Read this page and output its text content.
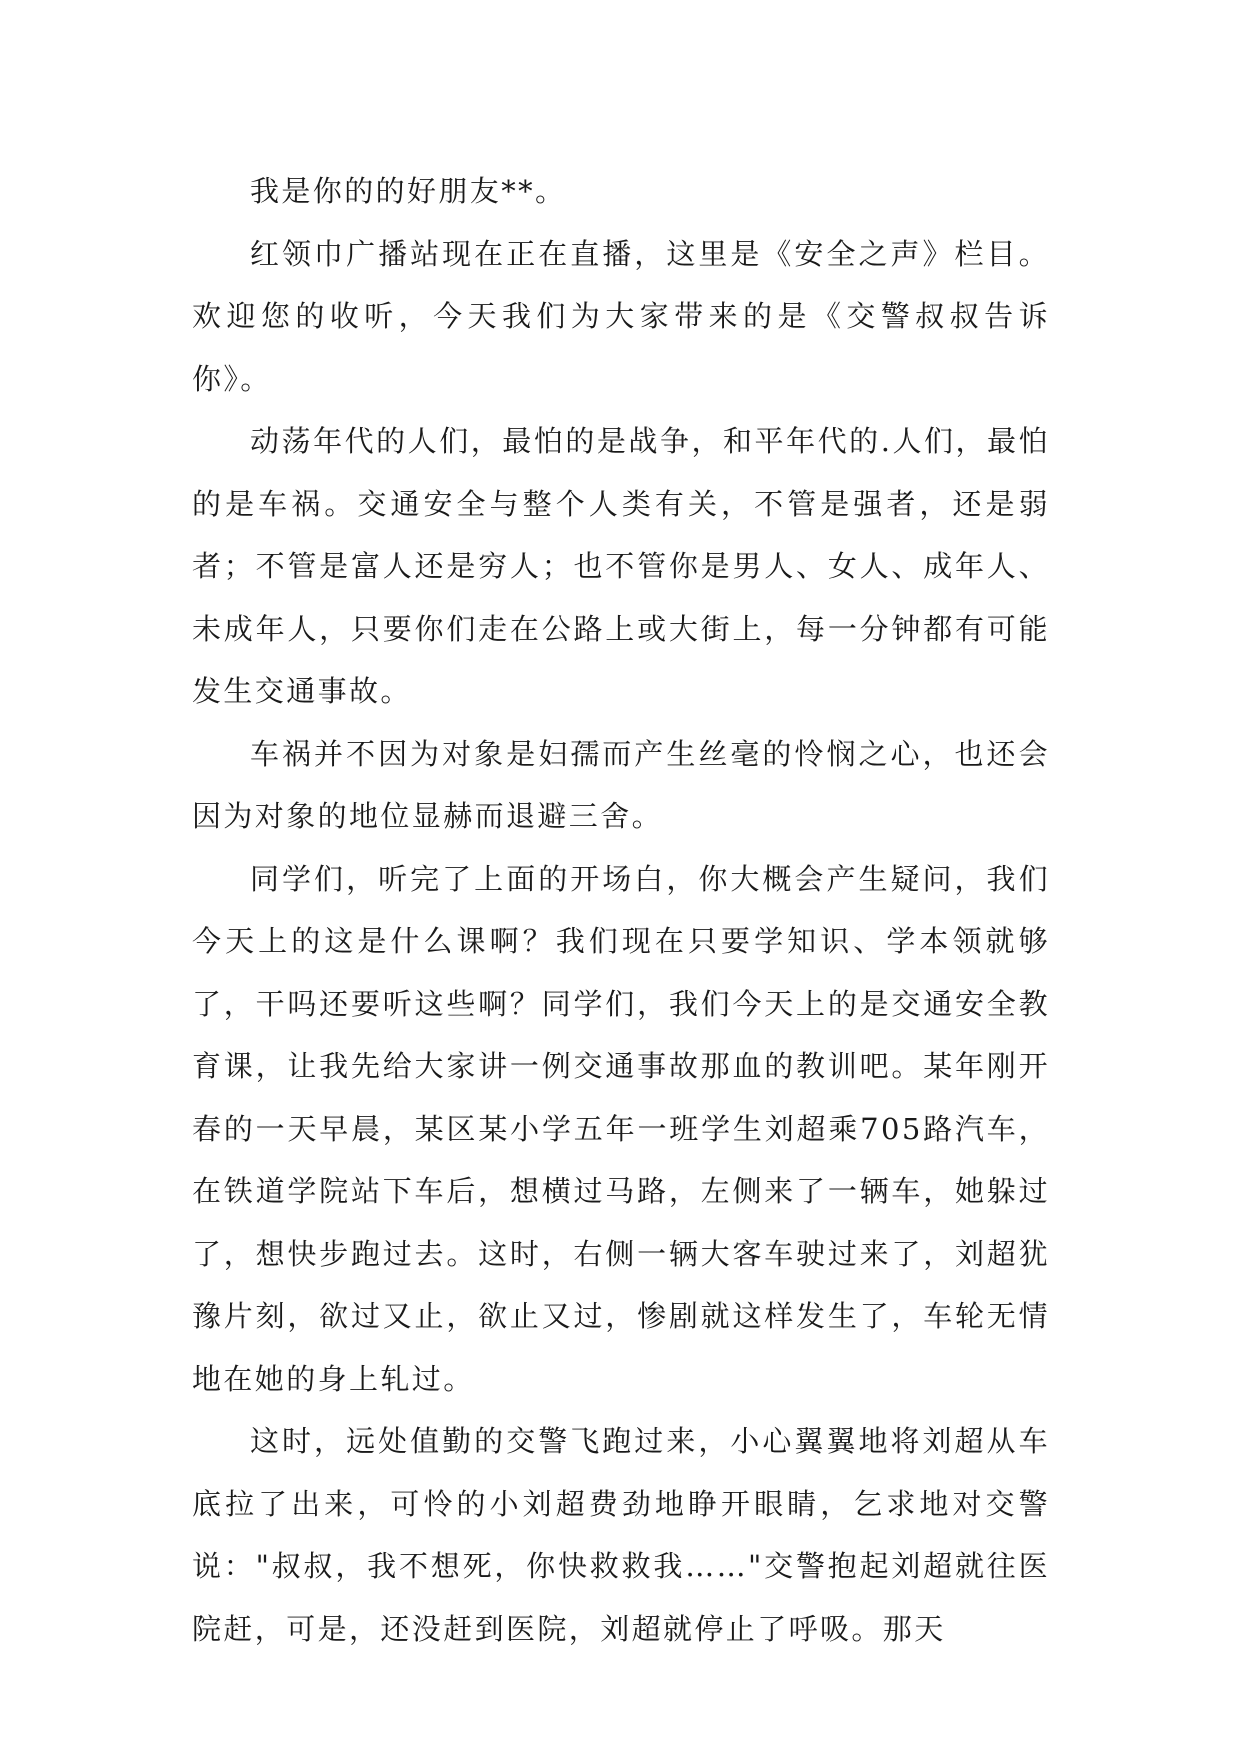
我是你的的好朋友**。

红领巾广播站现在正在直播，这里是《安全之声》栏目。欢迎您的收听，今天我们为大家带来的是《交警叔叔告诉你》。

动荡年代的人们，最怕的是战争，和平年代的.人们，最怕的是车祸。交通安全与整个人类有关，不管是强者，还是弱者；不管是富人还是穷人；也不管你是男人、女人、成年人、未成年人，只要你们走在公路上或大街上，每一分钟都有可能发生交通事故。

车祸并不因为对象是妇孺而产生丝毫的怜悯之心，也还会因为对象的地位显赫而退避三舍。

同学们，听完了上面的开场白，你大概会产生疑问，我们今天上的这是什么课啊？我们现在只要学知识、学本领就够了，干吗还要听这些啊？同学们，我们今天上的是交通安全教育课，让我先给大家讲一例交通事故那血的教训吧。某年刚开春的一天早晨，某区某小学五年一班学生刘超乘705路汽车，在铁道学院站下车后，想横过马路，左侧来了一辆车，她躲过了，想快步跑过去。这时，右侧一辆大客车驶过来了，刘超犹豫片刻，欲过又止，欲止又过，惨剧就这样发生了，车轮无情地在她的身上轧过。

这时，远处值勤的交警飞跑过来，小心翼翼地将刘超从车底拉了出来，可怜的小刘超费劲地睁开眼睛，乞求地对交警说："叔叔，我不想死，你快救救我……"交警抱起刘超就往医院赶，可是，还没赶到医院，刘超就停止了呼吸。那天
